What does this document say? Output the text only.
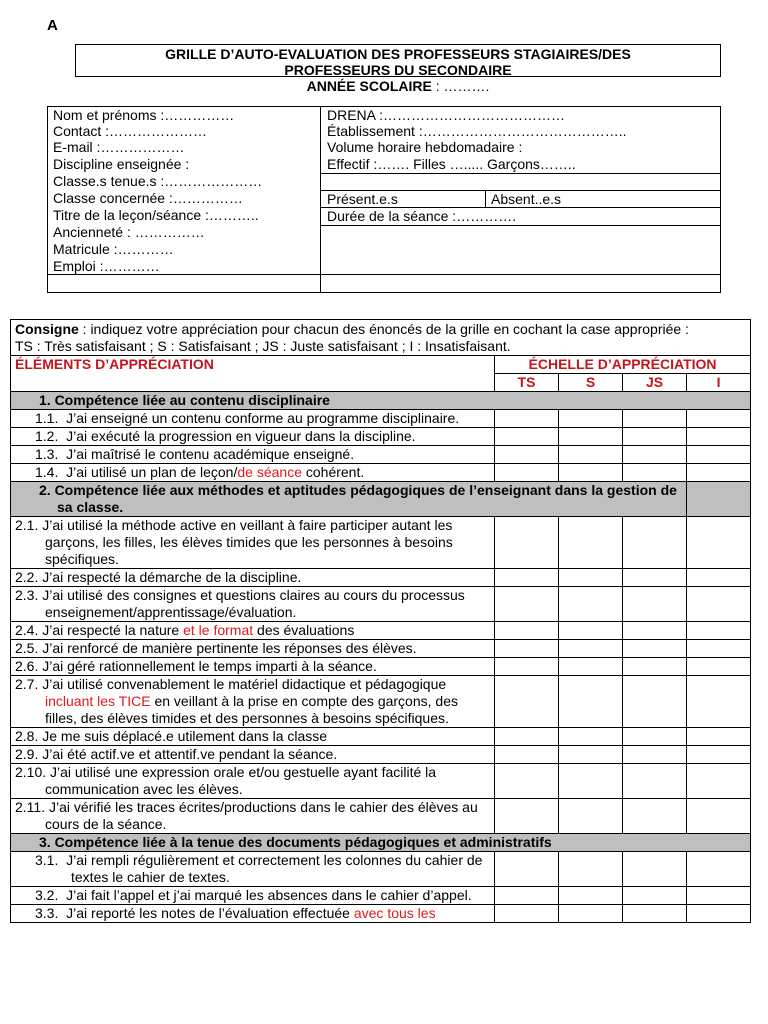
A
GRILLE D’AUTO-EVALUATION DES PROFESSEURS STAGIAIRES/DES
PROFESSEURS DU SECONDAIRE
ANNÉE SCOLAIRE : ……….
Nom et prénoms :……………
Contact :…………………
E-mail :………………
Discipline enseignée :
Classe.s tenue.s :…………………
Classe concernée :……………
Titre de la leçon/séance :………..
Ancienneté : ……………
Matricule :…………
Emploi :…………
DRENA :…………………………………
Établissement :……………………………………..
Volume horaire hebdomadaire :
Effectif :……. Filles …..... Garçons……..
Présent.e.s	Absent..e.s
Durée de la séance :………….
Consigne : indiquez votre appréciation pour chacun des énoncés de la grille en cochant la case appropriée :
TS : Très satisfaisant ; S : Satisfaisant ; JS : Juste satisfaisant ; I : Insatisfaisant.				
ÉLÉMENTS D’APPRÉCIATION	ÉCHELLE D’APPRÉCIATION			
	TS	S	JS	I
1. Compétence liée au contenu disciplinaire				
1.1. J’ai enseigné un contenu conforme au programme disciplinaire.				
1.2. J’ai exécuté la progression en vigueur dans la discipline.				
1.3. J’ai maîtrisé le contenu académique enseigné.				
1.4. J’ai utilisé un plan de leçon/de séance cohérent.				
2. Compétence liée aux méthodes et aptitudes pédagogiques de l’enseignant dans la gestion de sa classe.				
2.1. J’ai utilisé la méthode active en veillant à faire participer autant les garçons, les filles, les élèves timides que les personnes à besoins spécifiques.				
2.2. J’ai respecté la démarche de la discipline.				
2.3. J’ai utilisé des consignes et questions claires au cours du processus enseignement/apprentissage/évaluation.				
2.4. J’ai respecté la nature et le format des évaluations				
2.5. J’ai renforcé de manière pertinente les réponses des élèves.				
2.6. J’ai géré rationnellement le temps imparti à la séance.				
2.7. J’ai utilisé convenablement le matériel didactique et pédagogique incluant les TICE en veillant à la prise en compte des garçons, des filles, des élèves timides et des personnes à besoins spécifiques.				
2.8. Je me suis déplacé.e utilement dans la classe				
2.9. J’ai été actif.ve et attentif.ve pendant la séance.				
2.10. J’ai utilisé une expression orale et/ou gestuelle ayant facilité la communication avec les élèves.				
2.11. J’ai vérifié les traces écrites/productions dans le cahier des élèves au cours de la séance.				
3. Compétence liée à la tenue des documents pédagogiques et administratifs				
3.1. J’ai rempli régulièrement et correctement les colonnes du cahier de textes le cahier de textes.				
3.2. J’ai fait l’appel et j’ai marqué les absences dans le cahier d’appel.				
3.3. J’ai reporté les notes de l’évaluation effectuée avec tous les				
